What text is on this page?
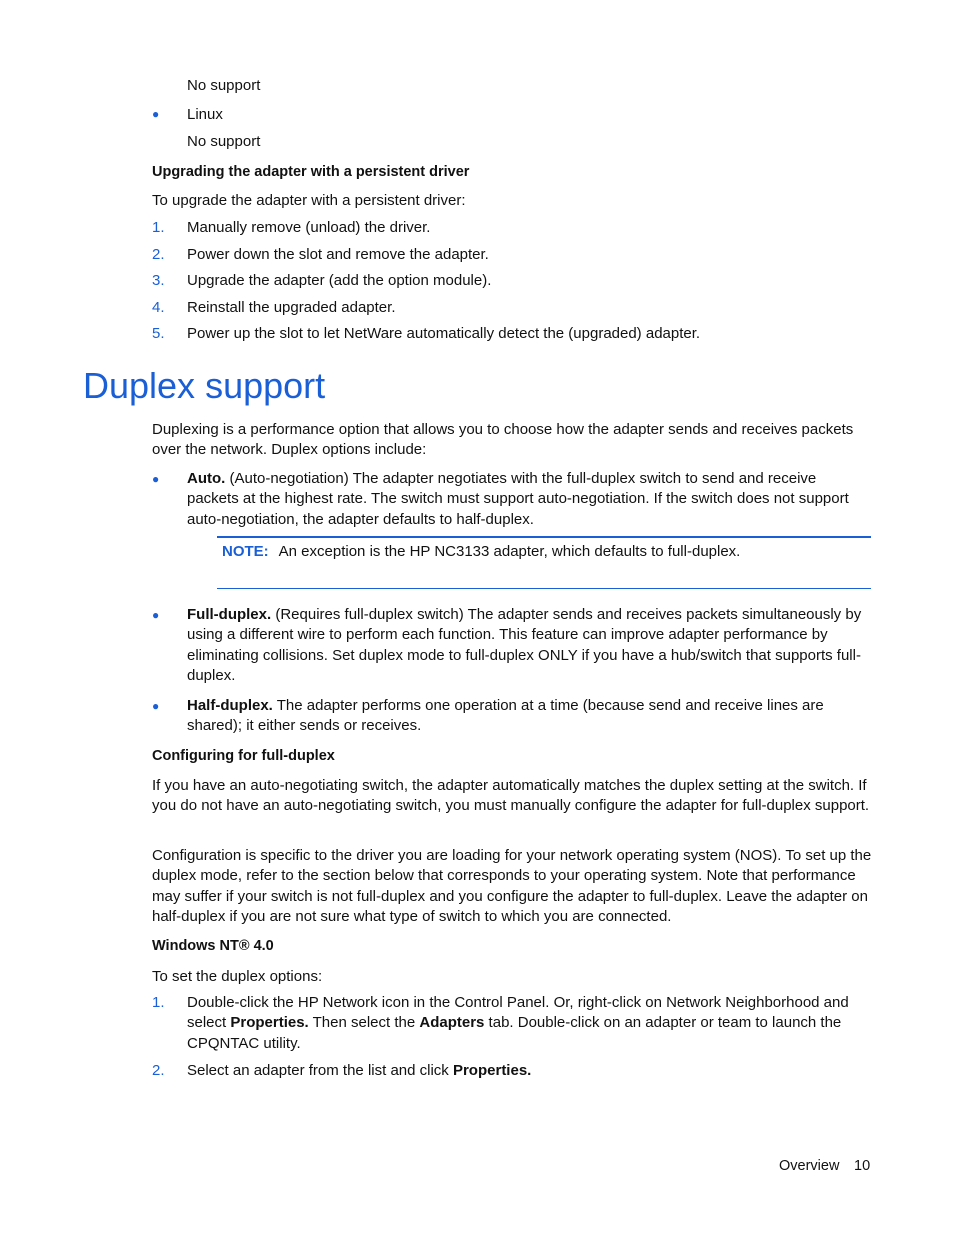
No support
● Linux
No support
Upgrading the adapter with a persistent driver
To upgrade the adapter with a persistent driver:
1. Manually remove (unload) the driver.
2. Power down the slot and remove the adapter.
3. Upgrade the adapter (add the option module).
4. Reinstall the upgraded adapter.
5. Power up the slot to let NetWare automatically detect the (upgraded) adapter.
Duplex support
Duplexing is a performance option that allows you to choose how the adapter sends and receives packets over the network. Duplex options include:
● Auto. (Auto-negotiation) The adapter negotiates with the full-duplex switch to send and receive packets at the highest rate. The switch must support auto-negotiation. If the switch does not support auto-negotiation, the adapter defaults to half-duplex.
NOTE: An exception is the HP NC3133 adapter, which defaults to full-duplex.
● Full-duplex. (Requires full-duplex switch) The adapter sends and receives packets simultaneously by using a different wire to perform each function. This feature can improve adapter performance by eliminating collisions. Set duplex mode to full-duplex ONLY if you have a hub/switch that supports full-duplex.
● Half-duplex. The adapter performs one operation at a time (because send and receive lines are shared); it either sends or receives.
Configuring for full-duplex
If you have an auto-negotiating switch, the adapter automatically matches the duplex setting at the switch. If you do not have an auto-negotiating switch, you must manually configure the adapter for full-duplex support.
Configuration is specific to the driver you are loading for your network operating system (NOS). To set up the duplex mode, refer to the section below that corresponds to your operating system. Note that performance may suffer if your switch is not full-duplex and you configure the adapter to full-duplex. Leave the adapter on half-duplex if you are not sure what type of switch to which you are connected.
Windows NT® 4.0
To set the duplex options:
1. Double-click the HP Network icon in the Control Panel. Or, right-click on Network Neighborhood and select Properties. Then select the Adapters tab. Double-click on an adapter or team to launch the CPQNTAC utility.
2. Select an adapter from the list and click Properties.
Overview 10
